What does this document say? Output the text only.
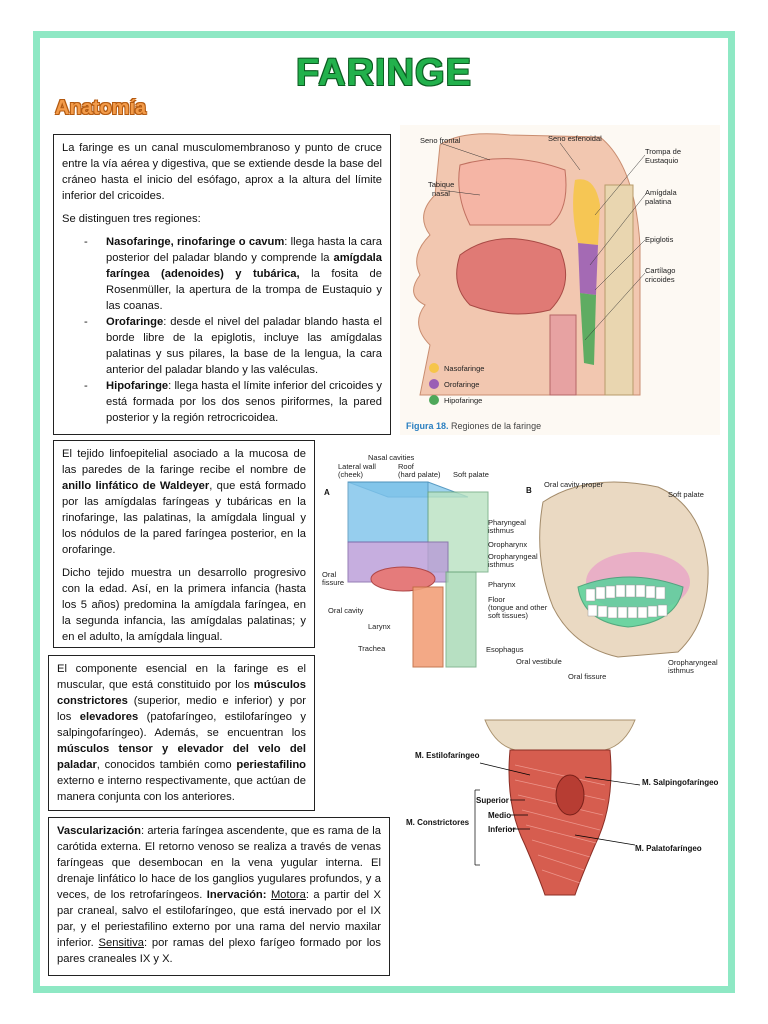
FARINGE
Anatomía

La faringe es un canal musculomembranoso y punto de cruce entre la vía aérea y digestiva, que se extiende desde la base del cráneo hasta el inicio del esófago, aprox a la altura del límite inferior del cricoides.

Se distinguen tres regiones:

- Nasofaringe, rinofaringe o cavum: llega hasta la cara posterior del paladar blando y comprende la amígdala faríngea (adenoides) y tubárica, la fosita de Rosenmüller, la apertura de la trompa de Eustaquio y las coanas.
- Orofaringe: desde el nivel del paladar blando hasta el borde libre de la epiglotis, incluye las amígdalas palatinas y sus pilares, la base de la lengua, la cara anterior del paladar blando y las valéculas.
- Hipofaringe: llega hasta el límite inferior del cricoides y está formada por los dos senos piriformes, la pared posterior y la región retrocricoidea.

El tejido linfoepitelial asociado a la mucosa de las paredes de la faringe recibe el nombre de anillo linfático de Waldeyer, que está formado por las amígdalas faríngeas y tubáricas en la rinofaringe, las palatinas, la amígdala lingual y los nódulos de la pared faríngea posterior, en la orofaringe.

Dicho tejido muestra un desarrollo progresivo con la edad. Así, en la primera infancia (hasta los 5 años) predomina la amígdala faríngea, en la segunda infancia, las amígdalas palatinas; y en el adulto, la amígdala lingual.

El componente esencial en la faringe es el muscular, que está constituido por los músculos constrictores (superior, medio e inferior) y por los elevadores (patofaríngeo, estilofaríngeo y salpingofaríngeo). Además, se encuentran los músculos tensor y elevador del velo del paladar, conocidos también como periestafilino externo e interno respectivamente, que actúan de manera conjunta con los anteriores.

Vascularización: arteria faríngea ascendente, que es rama de la carótida externa. El retorno venoso se realiza a través de venas faríngeas que desembocan en la vena yugular interna. El drenaje linfático lo hace de los ganglios yugulares profundos, y a veces, de los retrofaríngeos. Inervación: Motora: a partir del X par craneal, salvo el estilofaríngeo, que está inervado por el IX par, y el periestafilino externo por una rama del nervio maxilar inferior. Sensitiva: por ramas del plexo farígeo formado por los pares craneales IX y X.

Seno frontal	Seno esfenoidal
Trompa de
Eustaquio
Tabique
nasal	Amígdala
palatina
Epiglotis
Cartílago
cricoides
Nasofaringe
Orofaringe
Hipofaringe
Figura 18. Regiones de la faringe
A
Lateral wall
(cheek)
Nasal cavities
Roof
(hard palate) Soft palate
Pharyngeal
isthmus
Oropharynx
Oropharyngeal
isthmus
Oral
fissure
Oral cavity
Pharynx
Floor
(tongue and other
soft tissues)
Larynx
Esophagus
Trachea
B
Oral cavity proper
Soft palate
Oral vestibule
Oral fissure
Oropharyngeal
isthmus
M. Estilofaríngeo
M. Salpingofaríngeo
Superior
M. Constrictores
Medio
Inferior
M. Palatofaríngeo
